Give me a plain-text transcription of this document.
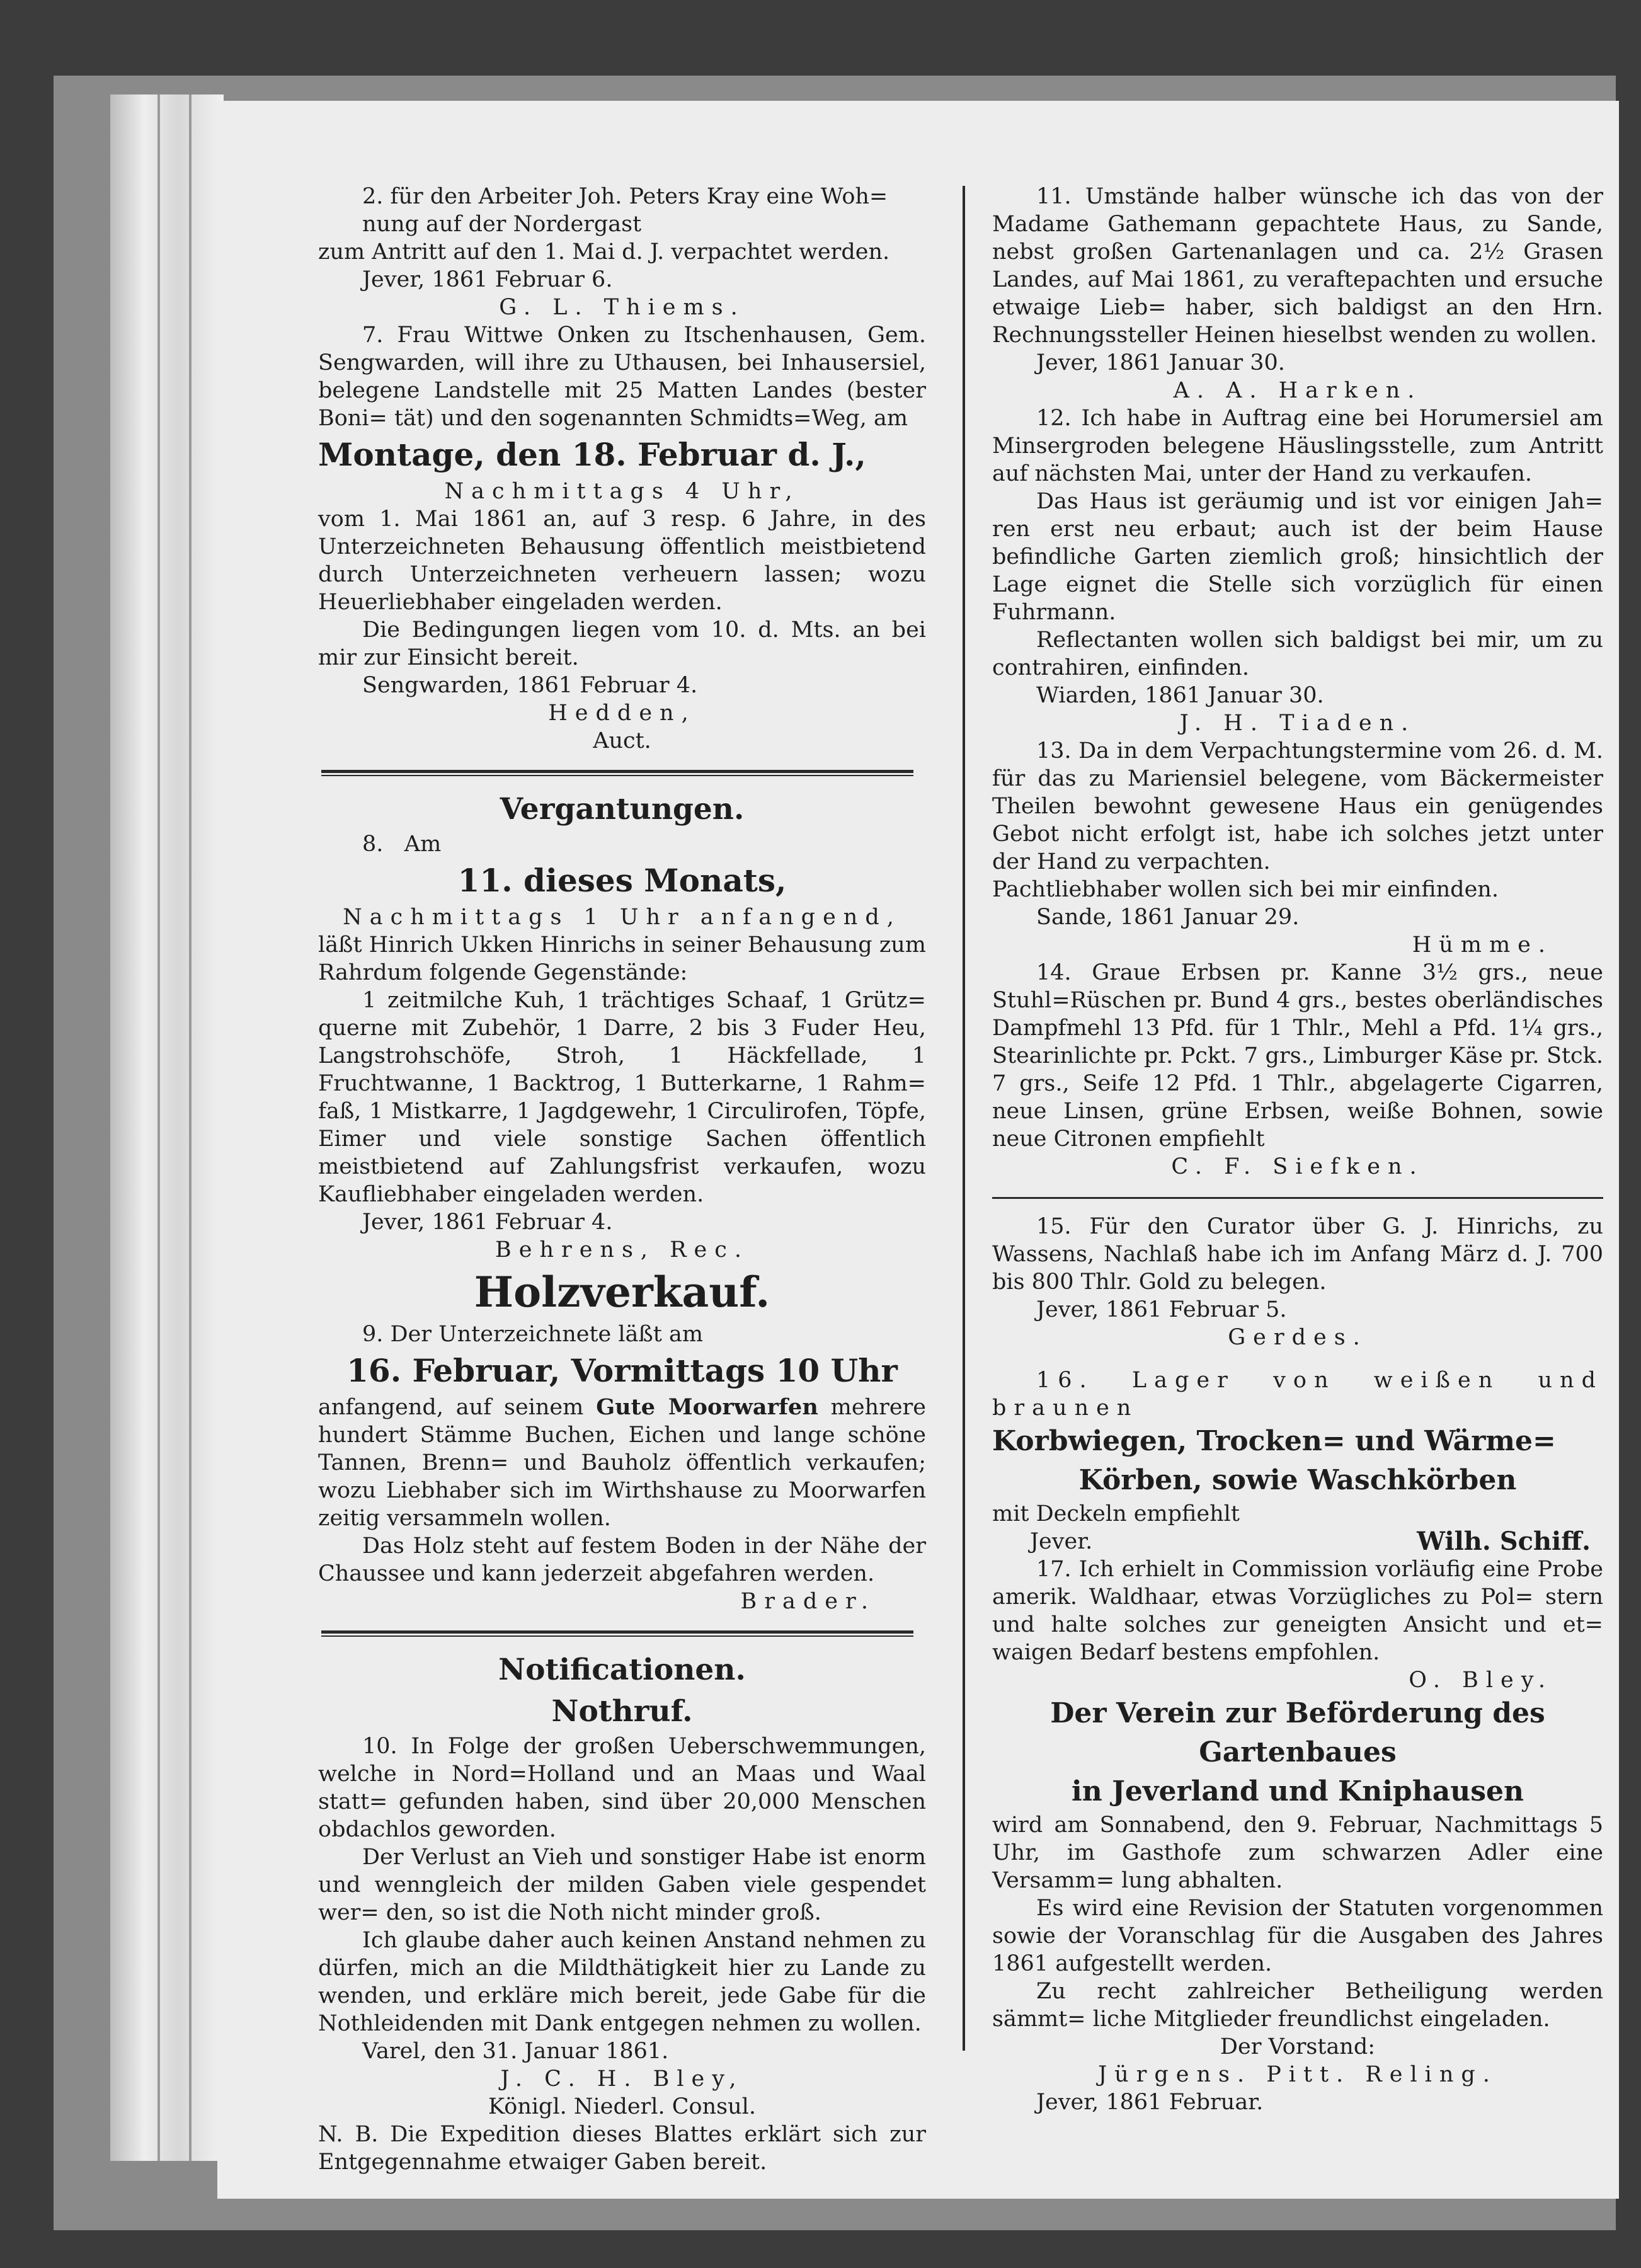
2. für den Arbeiter Joh. Peters Kray eine Woh=

nung auf der Nordergast

zum Antritt auf den 1. Mai d. J. verpachtet werden.

Jever, 1861 Februar 6.

G. L. Thiems.

7. Frau Wittwe Onken zu Itschenhausen, Gem. Sengwarden, will ihre zu Uthausen, bei Inhausersiel, belegene Landstelle mit 25 Matten Landes (bester Boni= tät) und den sogenannten Schmidts=Weg, am

Montage, den 18. Februar d. J.,

Nachmittags 4 Uhr,

vom 1. Mai 1861 an, auf 3 resp. 6 Jahre, in des Unterzeichneten Behausung öffentlich meistbietend durch Unterzeichneten verheuern lassen; wozu Heuerliebhaber eingeladen werden.

Die Bedingungen liegen vom 10. d. Mts. an bei mir zur Einsicht bereit.

Sengwarden, 1861 Februar 4.

Hedden,

Auct.

Vergantungen.

8. Am

11. dieses Monats,

Nachmittags 1 Uhr anfangend,

läßt Hinrich Ukken Hinrichs in seiner Behausung zum Rahrdum folgende Gegenstände:

1 zeitmilche Kuh, 1 trächtiges Schaaf, 1 Grütz= querne mit Zubehör, 1 Darre, 2 bis 3 Fuder Heu, Langstrohschöfe, Stroh, 1 Häckfellade, 1 Fruchtwanne, 1 Backtrog, 1 Butterkarne, 1 Rahm= faß, 1 Mistkarre, 1 Jagdgewehr, 1 Circulirofen, Töpfe, Eimer und viele sonstige Sachen öffentlich meistbietend auf Zahlungsfrist verkaufen, wozu Kaufliebhaber eingeladen werden.

Jever, 1861 Februar 4.

Behrens, Rec.

Holzverkauf.

9. Der Unterzeichnete läßt am

16. Februar, Vormittags 10 Uhr

anfangend, auf seinem Gute Moorwarfen mehrere hundert Stämme Buchen, Eichen und lange schöne Tannen, Brenn= und Bauholz öffentlich verkaufen; wozu Liebhaber sich im Wirthshause zu Moorwarfen zeitig versammeln wollen.

Das Holz steht auf festem Boden in der Nähe der Chaussee und kann jederzeit abgefahren werden.

Brader.

Notificationen.

Nothruf.

10. In Folge der großen Ueberschwemmungen, welche in Nord=Holland und an Maas und Waal statt= gefunden haben, sind über 20,000 Menschen obdachlos geworden.

Der Verlust an Vieh und sonstiger Habe ist enorm und wenngleich der milden Gaben viele gespendet wer= den, so ist die Noth nicht minder groß.

Ich glaube daher auch keinen Anstand nehmen zu dürfen, mich an die Mildthätigkeit hier zu Lande zu wenden, und erkläre mich bereit, jede Gabe für die Nothleidenden mit Dank entgegen nehmen zu wollen.

Varel, den 31. Januar 1861.

J. C. H. Bley,

Königl. Niederl. Consul.

N. B. Die Expedition dieses Blattes erklärt sich zur Entgegennahme etwaiger Gaben bereit.

11. Umstände halber wünsche ich das von der Madame Gathemann gepachtete Haus, zu Sande, nebst großen Gartenanlagen und ca. 2½ Grasen Landes, auf Mai 1861, zu veraftepachten und ersuche etwaige Lieb= haber, sich baldigst an den Hrn. Rechnungssteller Heinen hieselbst wenden zu wollen.

Jever, 1861 Januar 30.

A. A. Harken.

12. Ich habe in Auftrag eine bei Horumersiel am Minsergroden belegene Häuslingsstelle, zum Antritt auf nächsten Mai, unter der Hand zu verkaufen.

Das Haus ist geräumig und ist vor einigen Jah= ren erst neu erbaut; auch ist der beim Hause befindliche Garten ziemlich groß; hinsichtlich der Lage eignet die Stelle sich vorzüglich für einen Fuhrmann.

Reflectanten wollen sich baldigst bei mir, um zu contrahiren, einfinden.

Wiarden, 1861 Januar 30.

J. H. Tiaden.

13. Da in dem Verpachtungstermine vom 26. d. M. für das zu Mariensiel belegene, vom Bäckermeister Theilen bewohnt gewesene Haus ein genügendes Gebot nicht erfolgt ist, habe ich solches jetzt unter der Hand zu verpachten.

Pachtliebhaber wollen sich bei mir einfinden.

Sande, 1861 Januar 29.

Hümme.

14. Graue Erbsen pr. Kanne 3½ grs., neue Stuhl=Rüschen pr. Bund 4 grs., bestes oberländisches Dampfmehl 13 Pfd. für 1 Thlr., Mehl a Pfd. 1¼ grs., Stearinlichte pr. Pckt. 7 grs., Limburger Käse pr. Stck. 7 grs., Seife 12 Pfd. 1 Thlr., abgelagerte Cigarren, neue Linsen, grüne Erbsen, weiße Bohnen, sowie neue Citronen empfiehlt

C. F. Siefken.

15. Für den Curator über G. J. Hinrichs, zu Wassens, Nachlaß habe ich im Anfang März d. J. 700 bis 800 Thlr. Gold zu belegen.

Jever, 1861 Februar 5.

Gerdes.

16. Lager von weißen und braunen

Korbwiegen, Trocken= und Wärme=

Körben, sowie Waschkörben

mit Deckeln empfiehlt

Jever.	Wilh. Schiff.

17. Ich erhielt in Commission vorläufig eine Probe amerik. Waldhaar, etwas Vorzügliches zu Pol= stern und halte solches zur geneigten Ansicht und et= waigen Bedarf bestens empfohlen.

O. Bley.

Der Verein zur Beförderung des

Gartenbaues

in Jeverland und Kniphausen

wird am Sonnabend, den 9. Februar, Nachmittags 5 Uhr, im Gasthofe zum schwarzen Adler eine Versamm= lung abhalten.

Es wird eine Revision der Statuten vorgenommen sowie der Voranschlag für die Ausgaben des Jahres 1861 aufgestellt werden.

Zu recht zahlreicher Betheiligung werden sämmt= liche Mitglieder freundlichst eingeladen.

Der Vorstand:

Jürgens. Pitt. Reling.

Jever, 1861 Februar.
